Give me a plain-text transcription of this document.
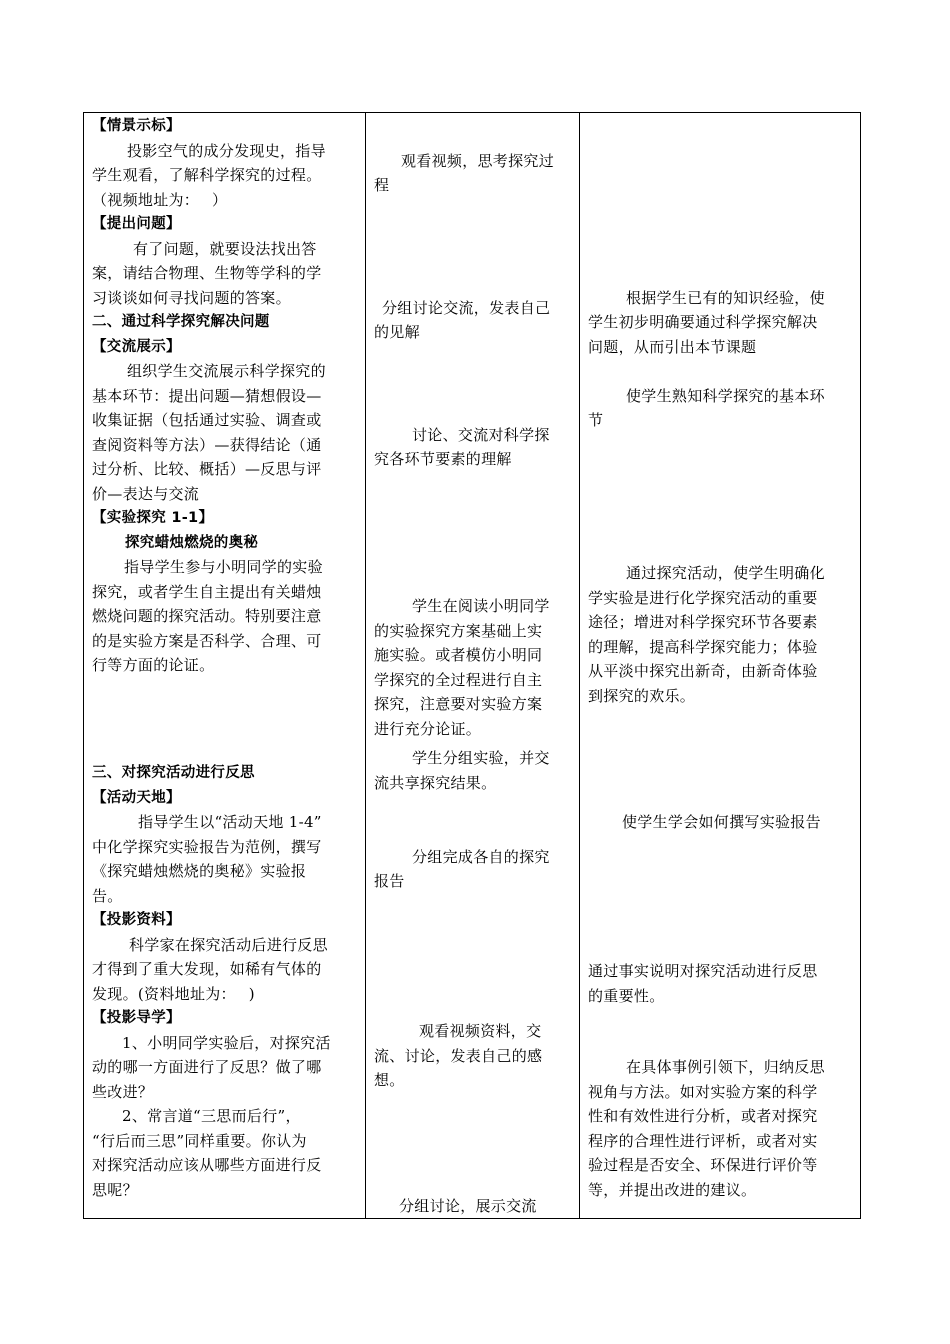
【情景示标】
投影空气的成分发现史，指导
学生观看，了解科学探究的过程。
（视频地址为：　 ）
【提出问题】
有了问题，就要设法找出答
案，请结合物理、生物等学科的学
习谈谈如何寻找问题的答案。
二、通过科学探究解决问题
【交流展示】
组织学生交流展示科学探究的
基本环节：提出问题—猜想假设—
收集证据（包括通过实验、调查或
查阅资料等方法）—获得结论（通
过分析、比较、概括）—反思与评
价—表达与交流
【实验探究 1-1】
探究蜡烛燃烧的奥秘
指导学生参与小明同学的实验
探究，或者学生自主提出有关蜡烛
燃烧问题的探究活动。特别要注意
的是实验方案是否科学、合理、可
行等方面的论证。
三、对探究活动进行反思
【活动天地】
指导学生以“活动天地 1-4”
中化学探究实验报告为范例，撰写
《探究蜡烛燃烧的奥秘》实验报
告。
【投影资料】
科学家在探究活动后进行反思
才得到了重大发现，如稀有气体的
发现。(资料地址为：　 )
【投影导学】
1、小明同学实验后，对探究活
动的哪一方面进行了反思？做了哪
些改进？
2、常言道“三思而后行”，
“行后而三思”同样重要。你认为
对探究活动应该从哪些方面进行反
思呢？
观看视频，思考探究过
程
分组讨论交流，发表自己
的见解
讨论、交流对科学探
究各环节要素的理解
学生在阅读小明同学
的实验探究方案基础上实
施实验。或者模仿小明同
学探究的全过程进行自主
探究，注意要对实验方案
进行充分论证。
学生分组实验，并交
流共享探究结果。
分组完成各自的探究
报告
观看视频资料，交
流、讨论，发表自己的感
想。
分组讨论，展示交流
根据学生已有的知识经验，使
学生初步明确要通过科学探究解决
问题，从而引出本节课题
使学生熟知科学探究的基本环
节
通过探究活动，使学生明确化
学实验是进行化学探究活动的重要
途径；增进对科学探究环节各要素
的理解，提高科学探究能力；体验
从平淡中探究出新奇，由新奇体验
到探究的欢乐。
使学生学会如何撰写实验报告
通过事实说明对探究活动进行反思
的重要性。
在具体事例引领下，归纳反思
视角与方法。如对实验方案的科学
性和有效性进行分析，或者对探究
程序的合理性进行评析，或者对实
验过程是否安全、环保进行评价等
等，并提出改进的建议。
